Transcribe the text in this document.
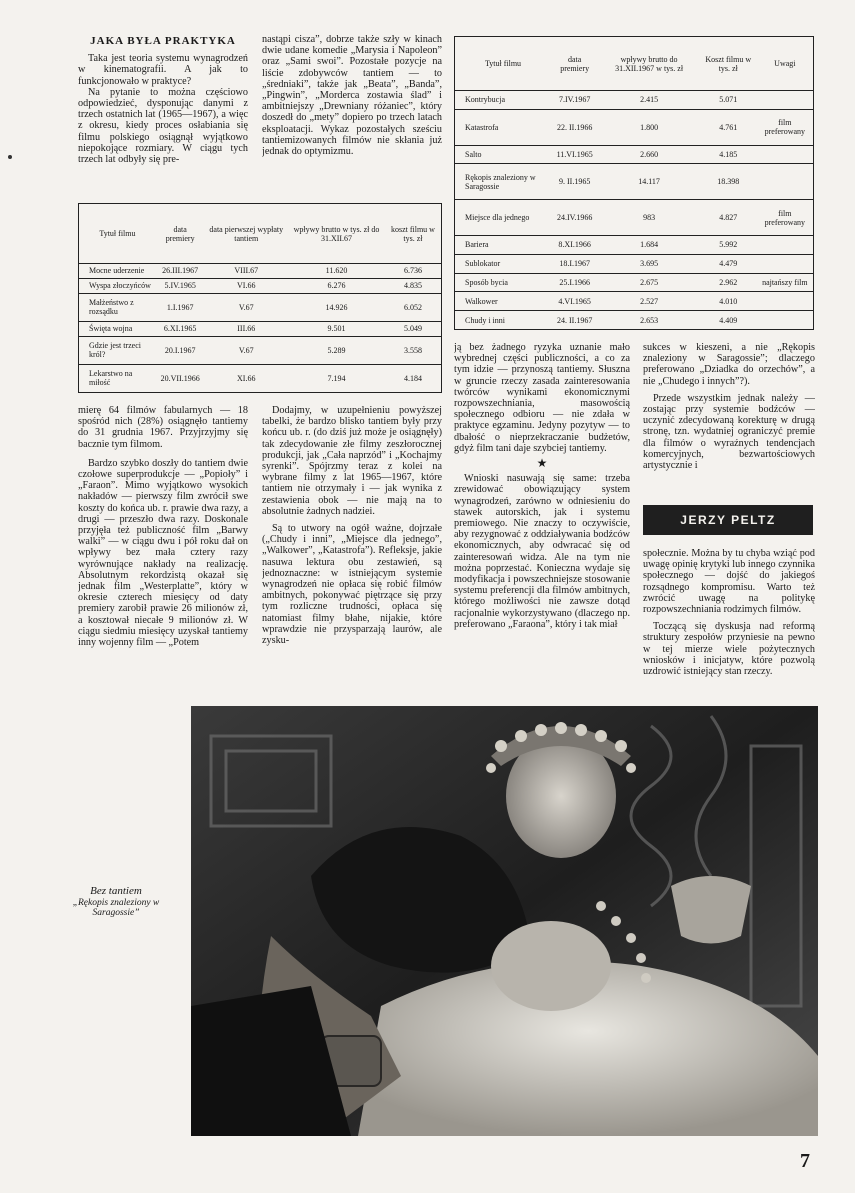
JAKA BYŁA PRAKTYKA

Taka jest teoria systemu wynagrodzeń w kinematografii. A jak to funkcjonowało w praktyce?

Na pytanie to można częściowo odpowiedzieć, dysponując danymi z trzech ostatnich lat (1965—1967), a więc z okresu, kiedy proces osłabiania się filmu polskiego osiągnął wyjątkowo niepokojące rozmiary. W ciągu tych trzech lat odbyły się pre-

nastąpi cisza”, dobrze także szły w kinach dwie udane komedie „Marysia i Napoleon” oraz „Sami swoi”. Pozostałe pozycje na liście zdobywców tantiem — to „średniaki”, także jak „Beata”, „Banda”, „Pingwin”, „Morderca zostawia ślad” i ambitniejszy „Drewniany różaniec”, który doszedł do „mety” dopiero po trzech latach eksploatacji. Wykaz pozostałych sześciu tantiemizowanych filmów nie skłania już jednak do optymizmu.

Tytuł filmu	data premiery	data pierwszej wypłaty tantiem	wpływy brutto w tys. zł do 31.XII.67	koszt filmu w tys. zł
Mocne uderzenie	26.III.1967	VIII.67	11.620	6.736
Wyspa złoczyńców	5.IV.1965	VI.66	6.276	4.835
Małżeństwo z rozsądku	1.I.1967	V.67	14.926	6.052
Święta wojna	6.XI.1965	III.66	9.501	5.049
Gdzie jest trzeci król?	20.I.1967	V.67	5.289	3.558
Lekarstwo na miłość	20.VII.1966	XI.66	7.194	4.184
Tytuł filmu	data premiery	wpływy brutto do 31.XII.1967 w tys. zł	Koszt filmu w tys. zł	Uwagi
Kontrybucja	7.IV.1967	2.415	5.071	
Katastrofa	22. II.1966	1.800	4.761	film preferowany
Salto	11.VI.1965	2.660	4.185	
Rękopis znaleziony w Saragossie	9. II.1965	14.117	18.398	
Miejsce dla jednego	24.IV.1966	983	4.827	film preferowany
Bariera	8.XI.1966	1.684	5.992	
Sublokator	18.I.1967	3.695	4.479	
Sposób bycia	25.I.1966	2.675	2.962	najtańszy film
Walkower	4.VI.1965	2.527	4.010	
Chudy i inni	24. II.1967	2.653	4.409	

mierę 64 filmów fabularnych — 18 spośród nich (28%) osiągnęło tantiemy do 31 grudnia 1967. Przyjrzyjmy się bacznie tym filmom.

Bardzo szybko doszły do tantiem dwie czołowe superprodukcje — „Popioły” i „Faraon”. Mimo wyjątkowo wysokich nakładów — pierwszy film zwrócił swe koszty do końca ub. r. prawie dwa razy, a drugi — przeszło dwa razy. Doskonale przyjęła też publiczność film „Barwy walki” — w ciągu dwu i pół roku dał on wpływy bez mała cztery razy wyrównujące nakłady na realizację. Absolutnym rekordzistą okazał się jednak film „Westerplatte”, który w okresie czterech miesięcy od daty premiery zarobił prawie 26 milionów zł, a kosztował niecałe 9 milionów zł. W ciągu siedmiu miesięcy uzyskał tantiemy inny wojenny film — „Potem

Dodajmy, w uzupełnieniu powyższej tabelki, że bardzo blisko tantiem były przy końcu ub. r. (do dziś już może je osiągnęły) tak zdecydowanie złe filmy zeszłorocznej produkcji, jak „Cała naprzód” i „Kochajmy syrenki”. Spójrzmy teraz z kolei na wybrane filmy z lat 1965—1967, które tantiem nie otrzymały i — jak wynika z zestawienia obok — nie mają na to absolutnie żadnych nadziei.

Są to utwory na ogół ważne, dojrzałe („Chudy i inni”, „Miejsce dla jednego”, „Walkower”, „Katastrofa”). Refleksje, jakie nasuwa lektura obu zestawień, są jednoznaczne: w istniejącym systemie wynagrodzeń nie opłaca się robić filmów ambitnych, pokonywać piętrzące się przy tym rozliczne trudności, opłaca się natomiast filmy błahe, nijakie, które wprawdzie nie przysparzają laurów, ale zysku-

ją bez żadnego ryzyka uznanie mało wybrednej części publiczności, a co za tym idzie — przynoszą tantiemy. Słuszna w gruncie rzeczy zasada zainteresowania twórców wynikami ekonomicznymi rozpowszechniania, masowością społecznego odbioru — nie zdała w praktyce egzaminu. Jedyny pozytyw — to dbałość o nieprzekraczanie budżetów, gdyż film tani daje szybciej tantiemy.

★

Wnioski nasuwają się same: trzeba zrewidować obowiązujący system wynagrodzeń, zarówno w odniesieniu do stawek autorskich, jak i systemu premiowego. Nie znaczy to oczywiście, aby rezygnować z oddziaływania bodźców ekonomicznych, aby odwracać się od zainteresowań widza. Ale na tym nie można poprzestać. Konieczna wydaje się modyfikacja i powszechniejsze stosowanie systemu preferencji dla filmów ambitnych, którego możliwości nie zawsze dotąd racjonalnie wykorzystywano (dlaczego np. preferowano „Faraona”, który i tak miał

sukces w kieszeni, a nie „Rękopis znaleziony w Saragossie”; dlaczego preferowano „Dziadka do orzechów”, a nie „Chudego i innych”?).

Przede wszystkim jednak należy — zostając przy systemie bodźców — uczynić zdecydowaną korekturę w drugą stronę, tzn. wydatniej ograniczyć premie dla filmów o wyraźnych tendencjach komercyjnych, bezwartościowych artystycznie i

JERZY PELTZ

społecznie. Można by tu chyba wziąć pod uwagę opinię krytyki lub innego czynnika społecznego — dojść do jakiegoś rozsądnego kompromisu. Warto też zwrócić uwagę na politykę rozpowszechniania rodzimych filmów.

Toczącą się dyskusja nad reformą struktury zespołów przyniesie na pewno w tej mierze wiele pożytecznych wniosków i inicjatyw, które pozwolą uzdrowić istniejący stan rzeczy.

Bez tantiem
„Rękopis znaleziony w Saragossie”
7
